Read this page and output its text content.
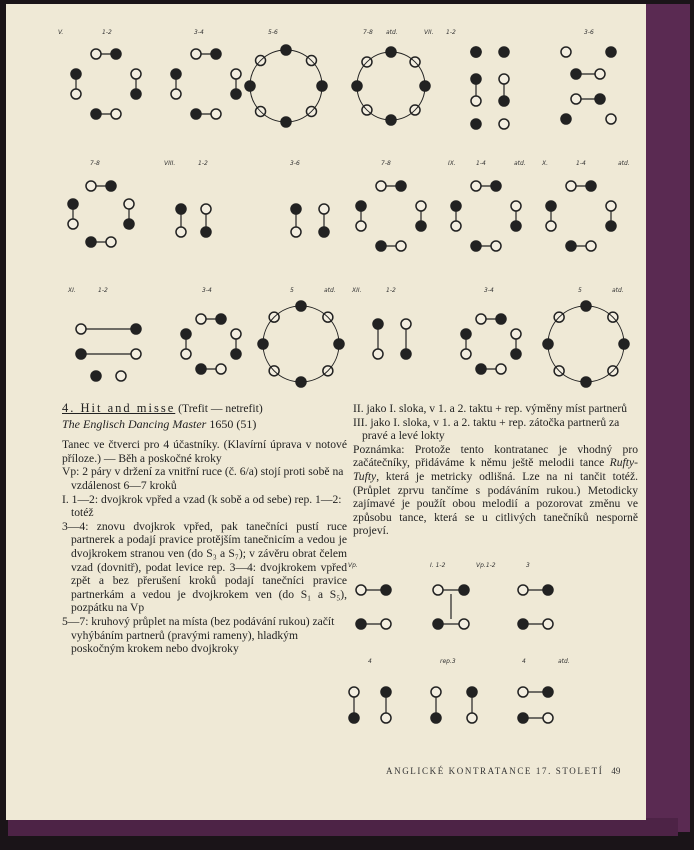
V.	1-2	3-4	5-6	7-8 atd.	VII. 1-2	3-6
7-8	VIII.	1-2	3-6	7-8	IX.	1-4	atd.	X.	1-4	atd.
XI.	1-2	3-4	5	atd.	XII.	1-2	3-4	5	atd.
Vp.	I. 1-2	Vp.1-2	3
4	rep.3	4	atd.

4. Hit and misse (Trefit — netrefit)

The Englisch Dancing Master 1650 (51)

Tanec ve čtverci pro 4 účastníky. (Klavírní úprava v notové příloze.) — Běh a poskočné kroky

Vp: 2 páry v držení za vnitřní ruce (č. 6/a) stojí proti sobě na vzdálenost 6—7 kroků

I. 1—2: dvojkrok vpřed a vzad (k sobě a od sebe) rep. 1—2: totéž

3—4: znovu dvojkrok vpřed, pak tanečníci pustí ruce partnerek a podají pravice protějším tanečnicím a vedou je dvojkrokem stranou ven (do S₃ a S₇); v závěru obrat čelem vzad (dovnitř), podat levice rep. 3—4: dvojkrokem vpřed zpět a bez přerušení kroků podají tanečníci pravice partnerkám a vedou je dvojkrokem ven (do S₁ a S₅), pozpátku na Vp

5—7: kruhový průplet na místa (bez podávání rukou) začít vyhýbáním partnerů (pravými rameny), hladkým poskočným krokem nebo dvojkroky

II. jako I. sloka, v 1. a 2. taktu + rep. výměny míst partnerů

III. jako I. sloka, v 1. a 2. taktu + rep. zátočka partnerů za pravé a levé lokty

Poznámka: Protože tento kontratanec je vhodný pro začátečníky, přidáváme k němu ještě melodii tance Rufty-Tufty, která je metricky odlišná. Lze na ni tančit totéž. (Průplet zprvu tančíme s podáváním rukou.) Metodicky zajímavé je použít obou melodií a pozorovat změnu ve způsobu tance, která se u citlivých tanečníků nesporně projeví.

ANGLICKÉ KONTRATANCE 17. STOLETÍ 49
